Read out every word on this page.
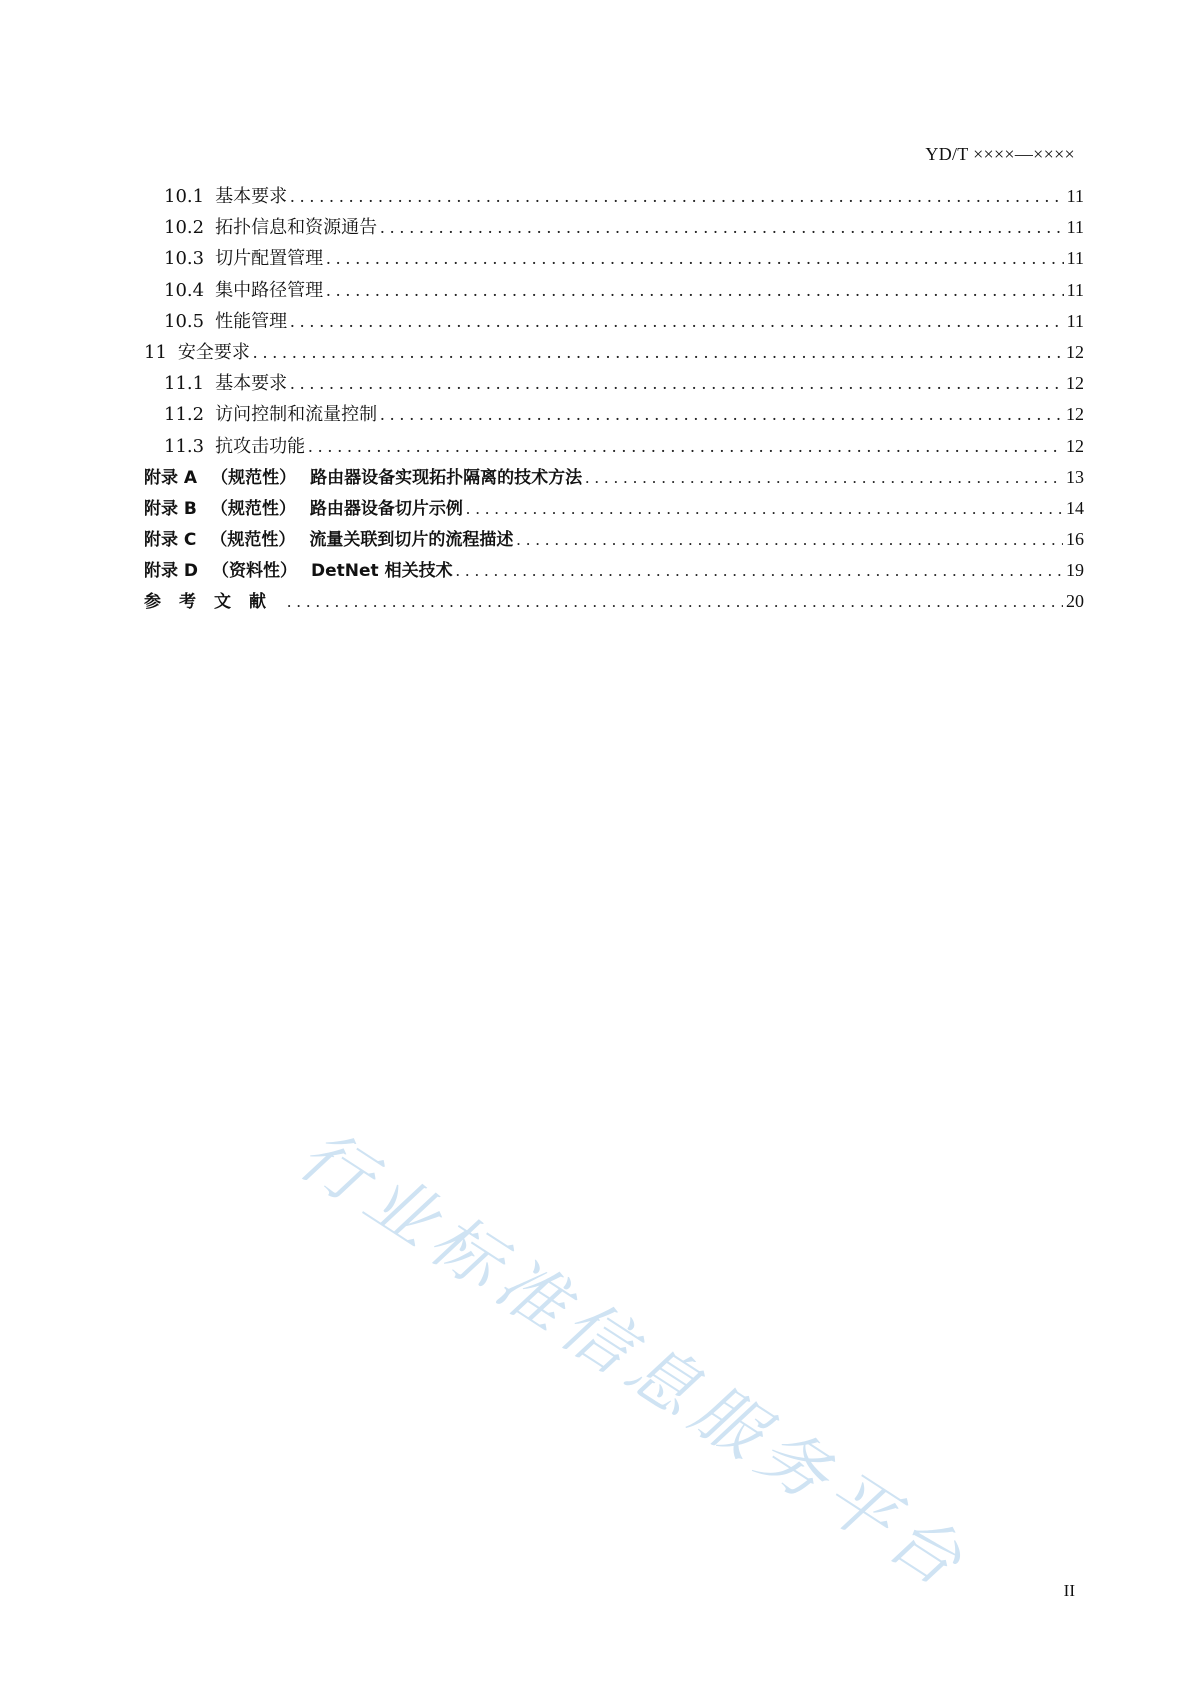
YD/T ××××—××××
10.1 基本要求 .....	11
10.2 拓扑信息和资源通告 .....	11
10.3 切片配置管理 .....	11
10.4 集中路径管理 .....	11
10.5 性能管理 .....	11
11 安全要求 .....	12
11.1 基本要求 .....	12
11.2 访问控制和流量控制 .....	12
11.3 抗攻击功能 .....	12
附录 A （规范性） 路由器设备实现拓扑隔离的技术方法 .....	13
附录 B （规范性） 路由器设备切片示例 .....	14
附录 C （规范性） 流量关联到切片的流程描述 .....	16
附录 D （资料性） DetNet 相关技术 .....	19
参考文献 .....	20
行业标准信息服务平台	II
